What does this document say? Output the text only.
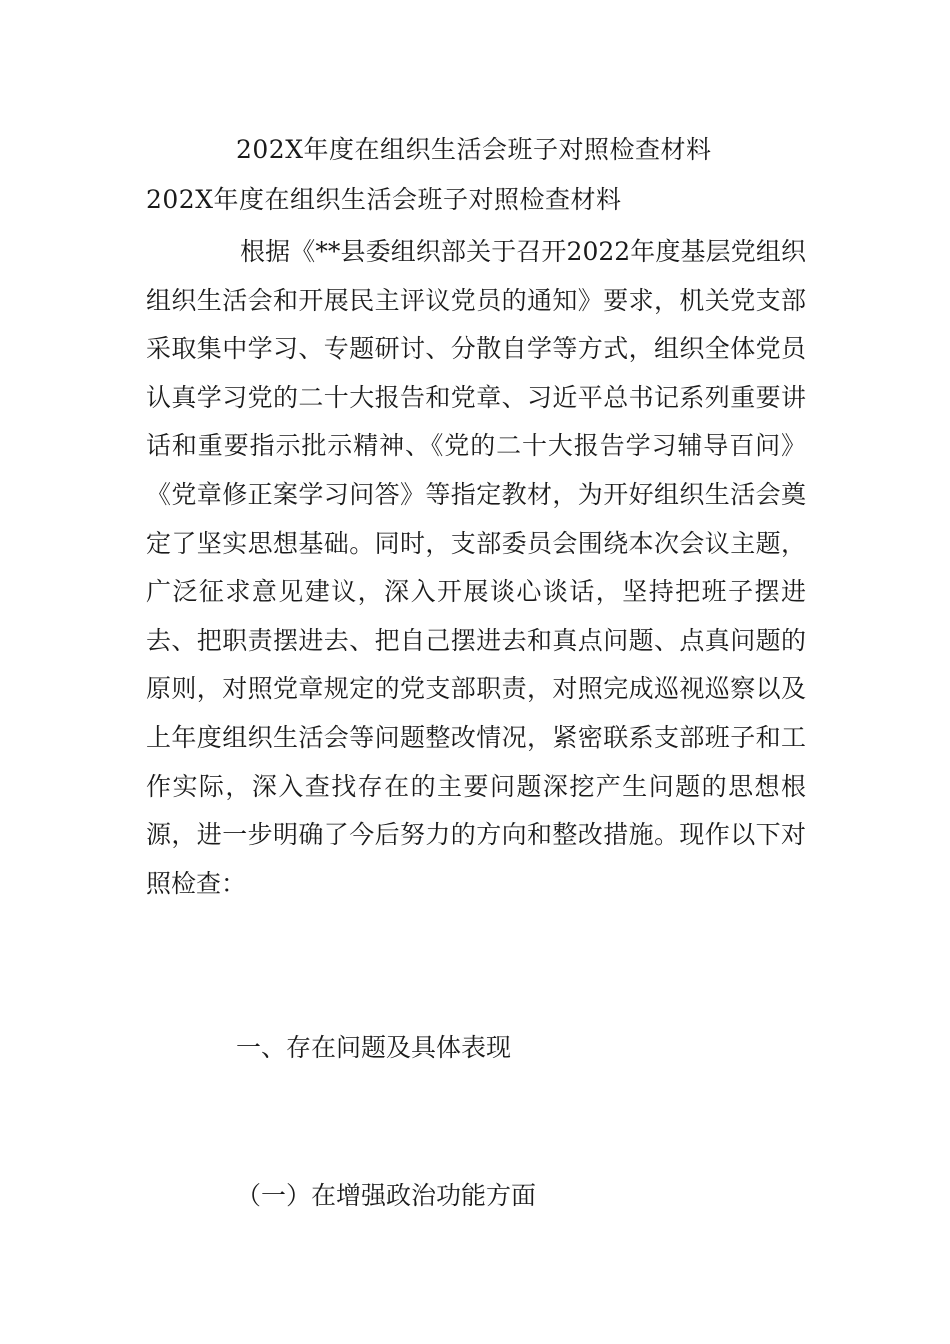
202X年度在组织生活会班子对照检查材料
202X年度在组织生活会班子对照检查材料

根据《**县委组织部关于召开2022年度基层党组织组织生活会和开展民主评议党员的通知》要求，机关党支部采取集中学习、专题研讨、分散自学等方式，组织全体党员认真学习党的二十大报告和党章、习近平总书记系列重要讲话和重要指示批示精神、《党的二十大报告学习辅导百问》《党章修正案学习问答》等指定教材，为开好组织生活会奠定了坚实思想基础。同时，支部委员会围绕本次会议主题，广泛征求意见建议，深入开展谈心谈话，坚持把班子摆进去、把职责摆进去、把自己摆进去和真点问题、点真问题的原则，对照党章规定的党支部职责，对照完成巡视巡察以及上年度组织生活会等问题整改情况，紧密联系支部班子和工作实际，深入查找存在的主要问题深挖产生问题的思想根源，进一步明确了今后努力的方向和整改措施。现作以下对照检查：

一、存在问题及具体表现
（一）在增强政治功能方面
